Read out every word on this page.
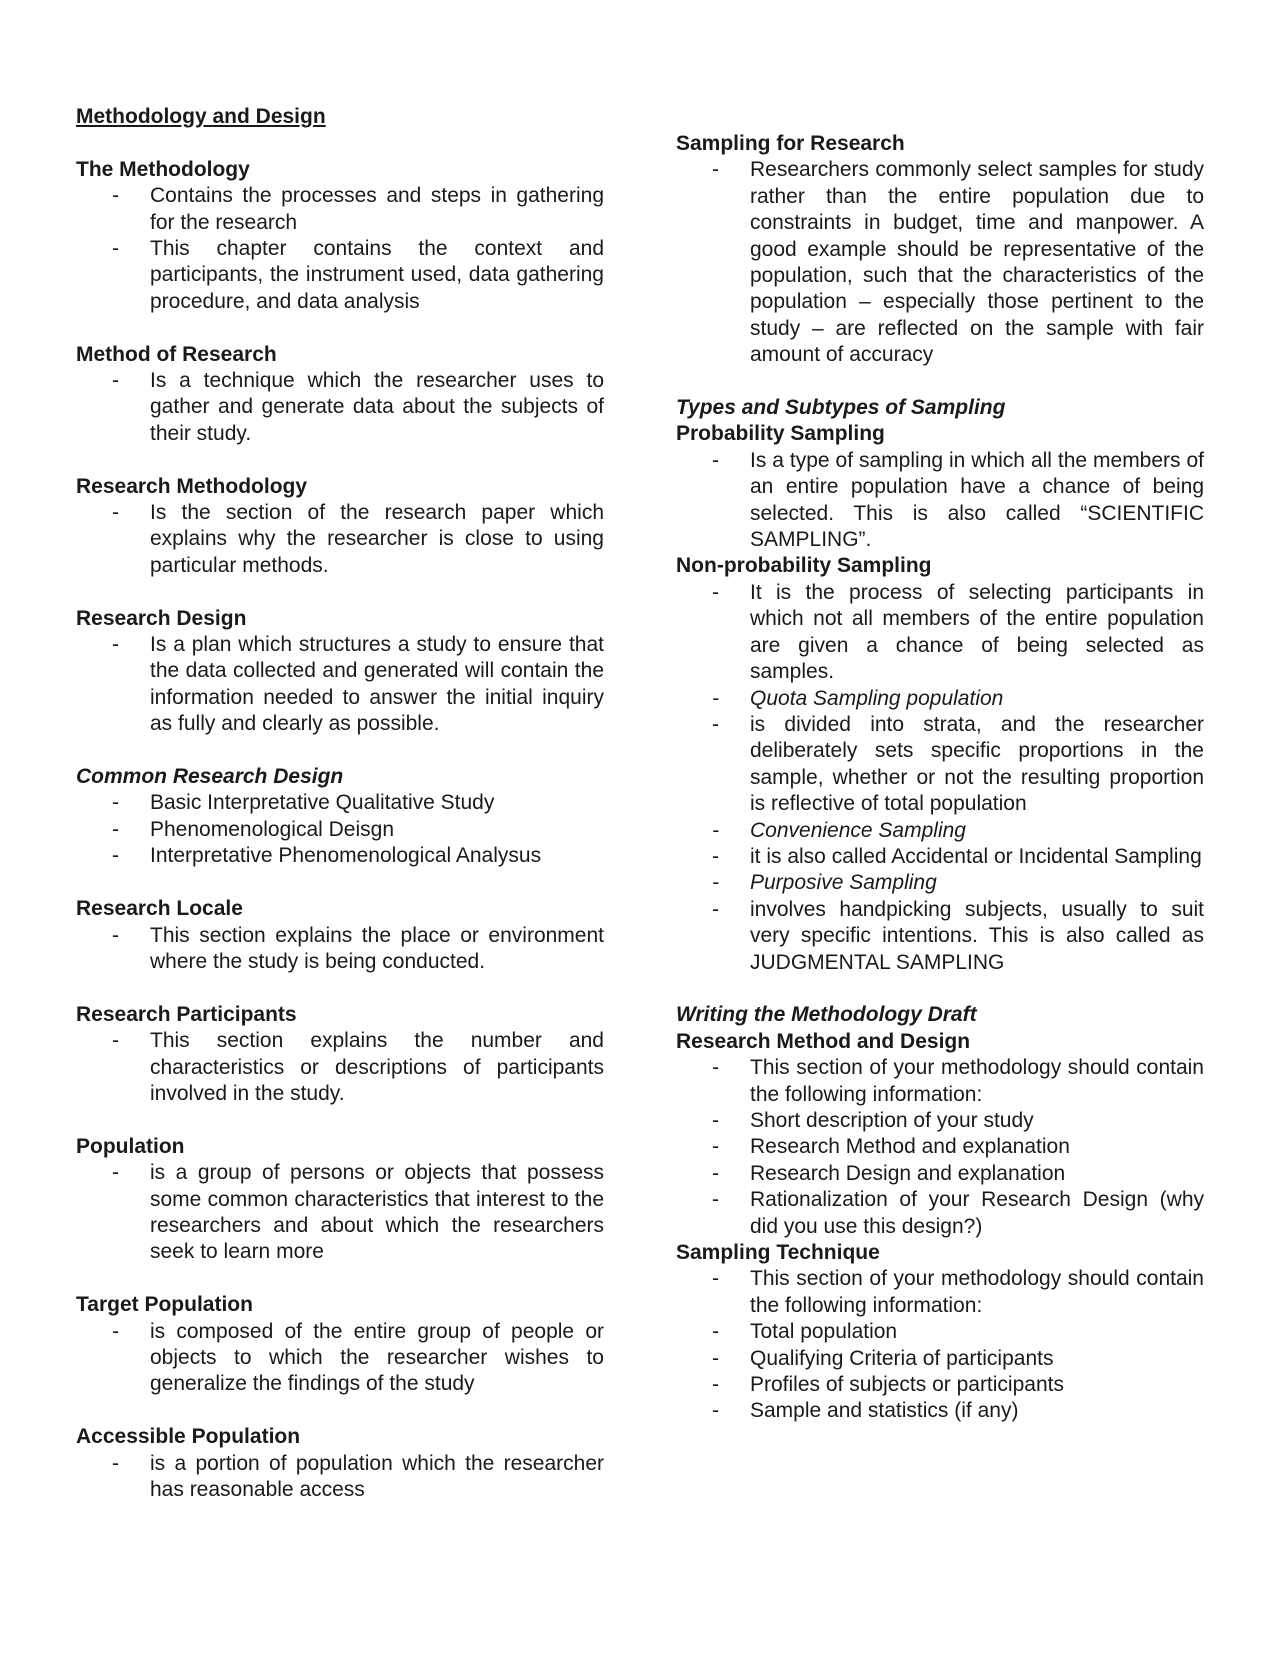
Methodology and Design

The Methodology

- Contains the processes and steps in gathering for the research
- This chapter contains the context and participants, the instrument used, data gathering procedure, and data analysis

Method of Research

- Is a technique which the researcher uses to gather and generate data about the subjects of their study.

Research Methodology

- Is the section of the research paper which explains why the researcher is close to using particular methods.

Research Design

- Is a plan which structures a study to ensure that the data collected and generated will contain the information needed to answer the initial inquiry as fully and clearly as possible.

Common Research Design

- Basic Interpretative Qualitative Study
- Phenomenological Deisgn
- Interpretative Phenomenological Analysus

Research Locale

- This section explains the place or environment where the study is being conducted.

Research Participants

- This section explains the number and characteristics or descriptions of participants involved in the study.

Population

- is a group of persons or objects that possess some common characteristics that interest to the researchers and about which the researchers seek to learn more

Target Population

- is composed of the entire group of people or objects to which the researcher wishes to generalize the findings of the study

Accessible Population

- is a portion of population which the researcher has reasonable access

Sampling for Research

- Researchers commonly select samples for study rather than the entire population due to constraints in budget, time and manpower. A good example should be representative of the population, such that the characteristics of the population – especially those pertinent to the study – are reflected on the sample with fair amount of accuracy

Types and Subtypes of Sampling

Probability Sampling

- Is a type of sampling in which all the members of an entire population have a chance of being selected. This is also called “SCIENTIFIC SAMPLING”.

Non-probability Sampling

- It is the process of selecting participants in which not all members of the entire population are given a chance of being selected as samples.
- Quota Sampling population
- is divided into strata, and the researcher deliberately sets specific proportions in the sample, whether or not the resulting proportion is reflective of total population
- Convenience Sampling
- it is also called Accidental or Incidental Sampling
- Purposive Sampling
- involves handpicking subjects, usually to suit very specific intentions. This is also called as JUDGMENTAL SAMPLING

Writing the Methodology Draft

Research Method and Design

- This section of your methodology should contain the following information:
- Short description of your study
- Research Method and explanation
- Research Design and explanation
- Rationalization of your Research Design (why did you use this design?)

Sampling Technique

- This section of your methodology should contain the following information:
- Total population
- Qualifying Criteria of participants
- Profiles of subjects or participants
- Sample and statistics (if any)
